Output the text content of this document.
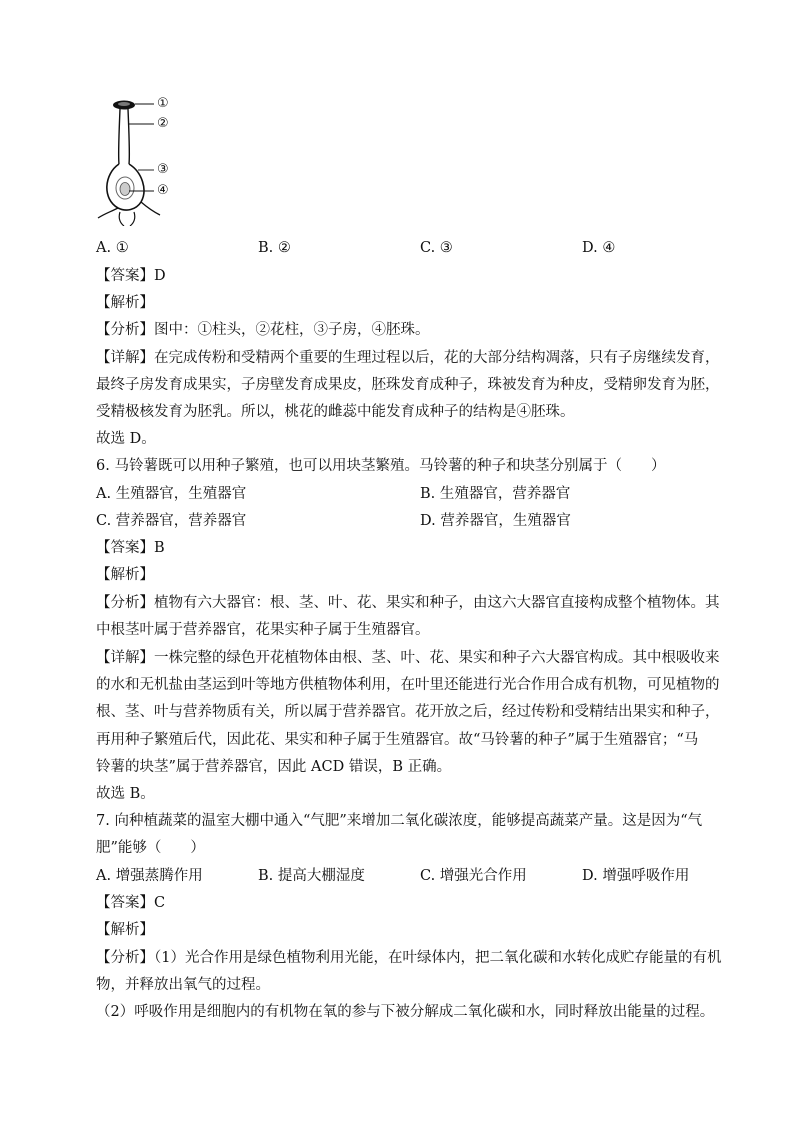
①
②
③
④
A. ①	B. ②	C. ③	D. ④
【答案】D
【解析】
【分析】图中：①柱头，②花柱，③子房，④胚珠。
【详解】在完成传粉和受精两个重要的生理过程以后，花的大部分结构凋落，只有子房继续发育，
最终子房发育成果实，子房壁发育成果皮，胚珠发育成种子，珠被发育为种皮，受精卵发育为胚，
受精极核发育为胚乳。所以，桃花的雌蕊中能发育成种子的结构是④胚珠。
故选 D。
6. 马铃薯既可以用种子繁殖，也可以用块茎繁殖。马铃薯的种子和块茎分别属于（　　）
A. 生殖器官，生殖器官	B. 生殖器官，营养器官
C. 营养器官，营养器官	D. 营养器官，生殖器官
【答案】B
【解析】
【分析】植物有六大器官：根、茎、叶、花、果实和种子，由这六大器官直接构成整个植物体。其
中根茎叶属于营养器官，花果实种子属于生殖器官。
【详解】一株完整的绿色开花植物体由根、茎、叶、花、果实和种子六大器官构成。其中根吸收来
的水和无机盐由茎运到叶等地方供植物体利用，在叶里还能进行光合作用合成有机物，可见植物的
根、茎、叶与营养物质有关，所以属于营养器官。花开放之后，经过传粉和受精结出果实和种子，
再用种子繁殖后代，因此花、果实和种子属于生殖器官。故“马铃薯的种子”属于生殖器官；“马
铃薯的块茎”属于营养器官，因此 ACD 错误，B 正确。
故选 B。
7. 向种植蔬菜的温室大棚中通入“气肥”来增加二氧化碳浓度，能够提高蔬菜产量。这是因为“气
肥”能够（　　）
A. 增强蒸腾作用	B. 提高大棚湿度	C. 增强光合作用	D. 增强呼吸作用
【答案】C
【解析】
【分析】（1）光合作用是绿色植物利用光能，在叶绿体内，把二氧化碳和水转化成贮存能量的有机
物，并释放出氧气的过程。
（2）呼吸作用是细胞内的有机物在氧的参与下被分解成二氧化碳和水，同时释放出能量的过程。
